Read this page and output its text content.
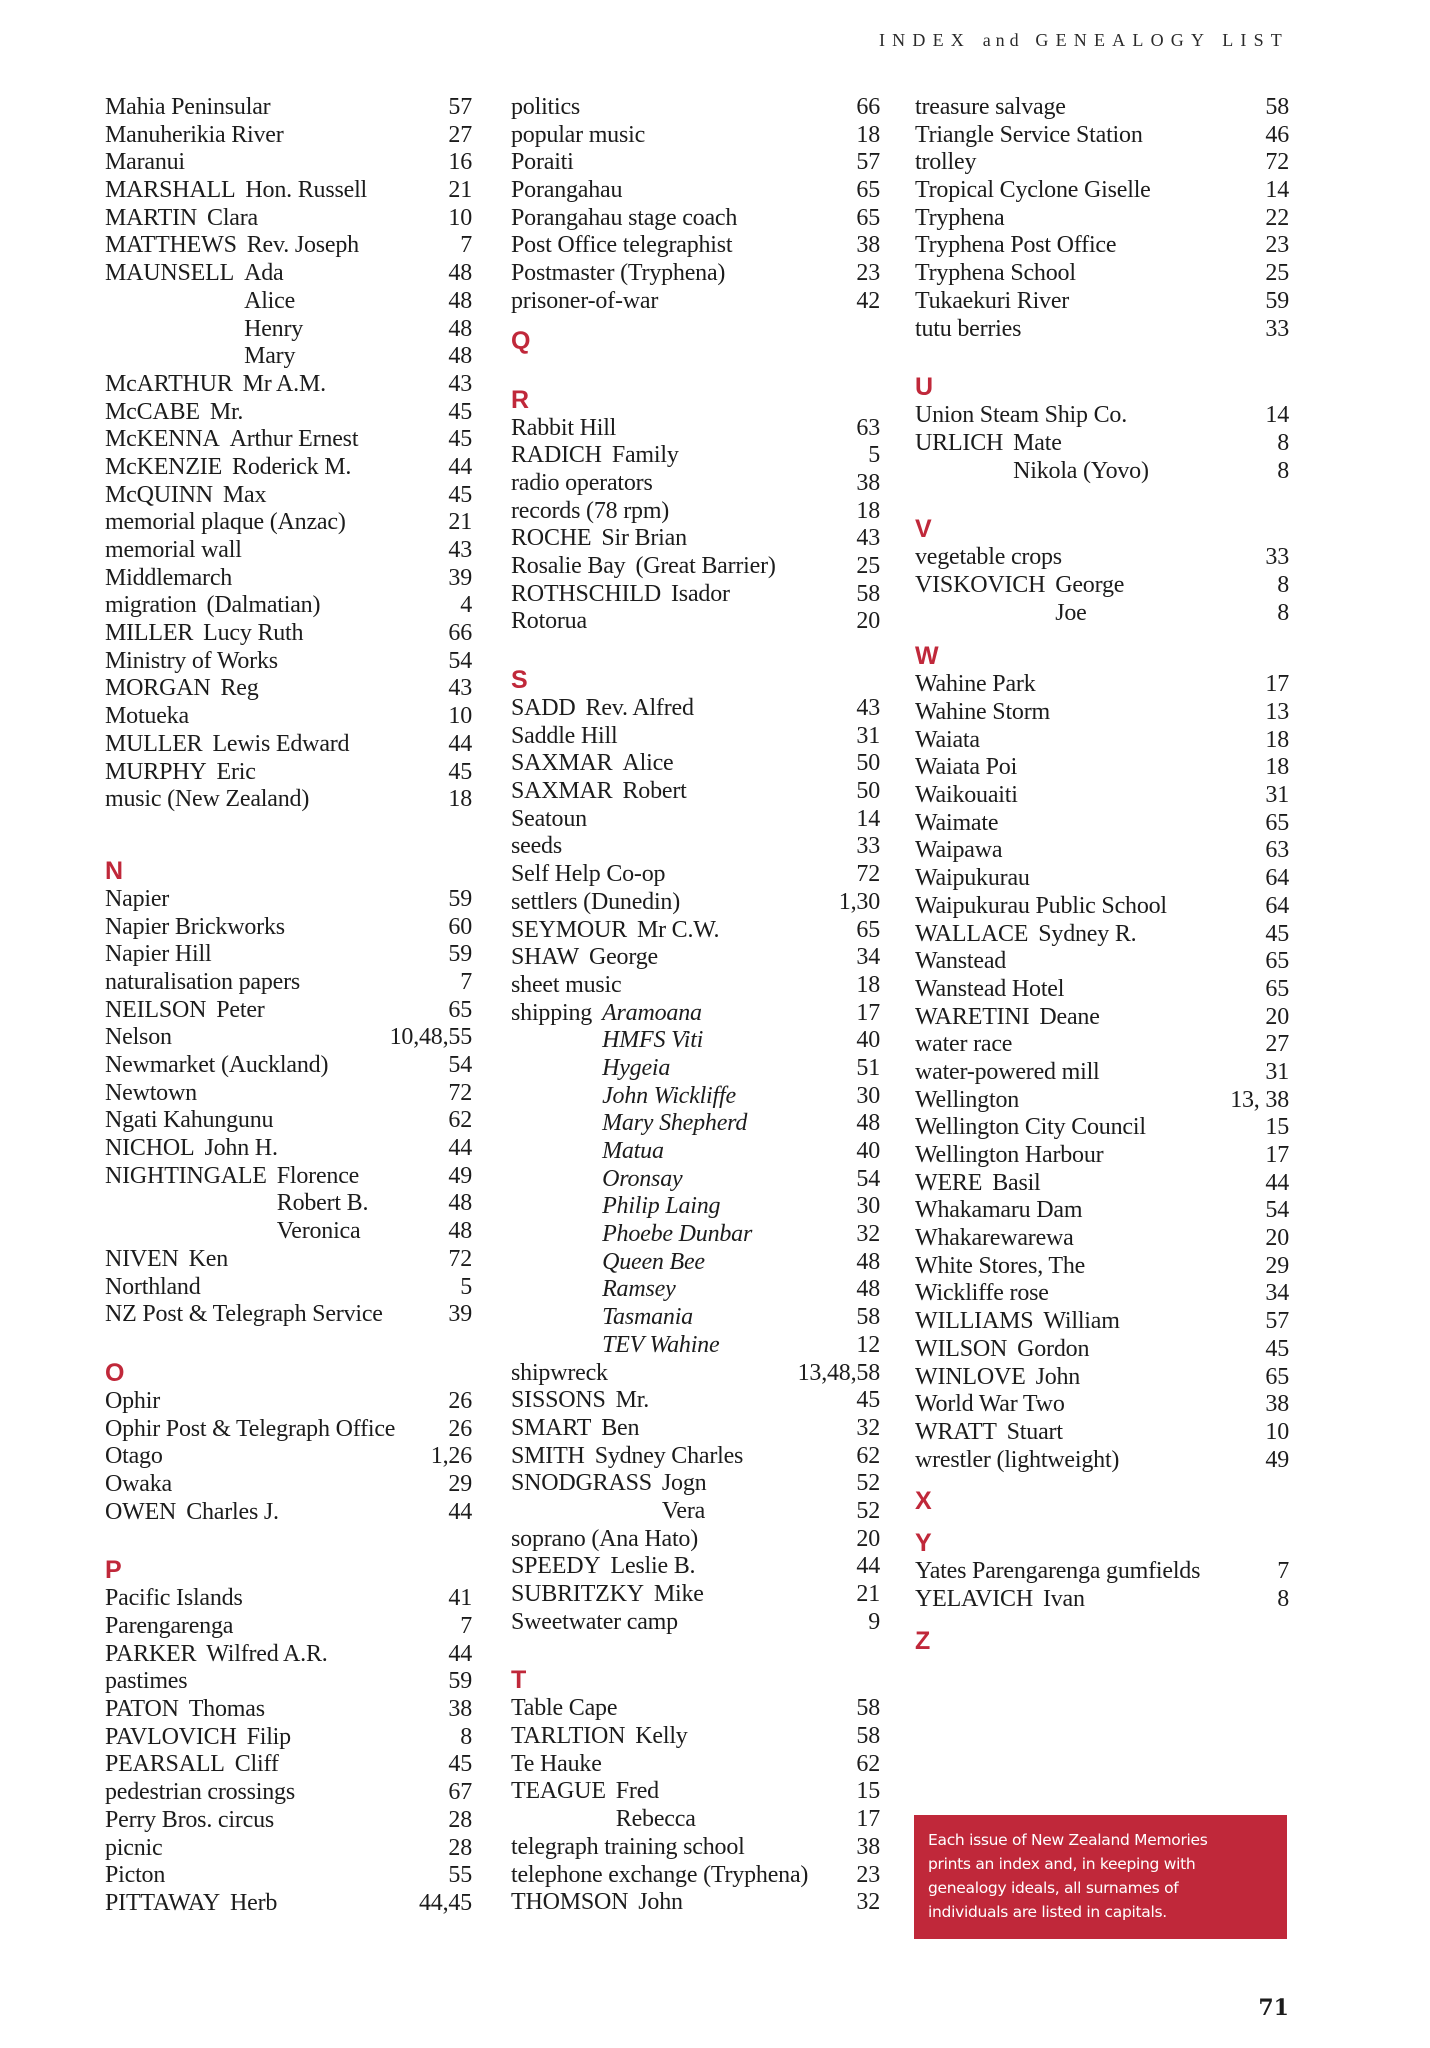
INDEX and GENEALOGY LIST
Mahia Peninsular	57
Manuherikia River	27
Maranui	16
MARSHALL Hon. Russell	21
MARTIN Clara	10
MATTHEWS Rev. Joseph	7
MAUNSELL Ada	48
Alice	48
Henry	48
Mary	48
McARTHUR Mr A.M.	43
McCABE Mr.	45
McKENNA Arthur Ernest	45
McKENZIE Roderick M.	44
McQUINN Max	45
memorial plaque (Anzac)	21
memorial wall	43
Middlemarch	39
migration (Dalmatian)	4
MILLER Lucy Ruth	66
Ministry of Works	54
MORGAN Reg	43
Motueka	10
MULLER Lewis Edward	44
MURPHY Eric	45
music (New Zealand)	18
N
Napier	59
Napier Brickworks	60
Napier Hill	59
naturalisation papers	7
NEILSON Peter	65
Nelson	10,48,55
Newmarket (Auckland)	54
Newtown	72
Ngati Kahungunu	62
NICHOL John H.	44
NIGHTINGALE Florence	49
Robert B.	48
Veronica	48
NIVEN Ken	72
Northland	5
NZ Post & Telegraph Service	39
O
Ophir	26
Ophir Post & Telegraph Office 26
Otago	1,26
Owaka	29
OWEN Charles J.	44
P
Pacific Islands	41
Parengarenga	7
PARKER Wilfred A.R.	44
pastimes	59
PATON Thomas	38
PAVLOVICH Filip	8
PEARSALL Cliff	45
pedestrian crossings	67
Perry Bros. circus	28
picnic	28
Picton	55
PITTAWAY Herb	44,45
politics	66
popular music	18
Poraiti	57
Porangahau	65
Porangahau stage coach	65
Post Office telegraphist	38
Postmaster (Tryphena)	23
prisoner-of-war	42
Q
R
Rabbit Hill	63
RADICH Family	5
radio operators	38
records (78 rpm)	18
ROCHE Sir Brian	43
Rosalie Bay (Great Barrier)	25
ROTHSCHILD Isador	58
Rotorua	20
S
SADD Rev. Alfred	43
Saddle Hill	31
SAXMAR Alice	50
SAXMAR Robert	50
Seatoun	14
seeds	33
Self Help Co-op	72
settlers (Dunedin)	1,30
SEYMOUR Mr C.W.	65
SHAW George	34
sheet music	18
shipping Aramoana	17
HMFS Viti	40
Hygeia	51
John Wickliffe	30
Mary Shepherd	48
Matua	40
Oronsay	54
Philip Laing	30
Phoebe Dunbar	32
Queen Bee	48
Ramsey	48
Tasmania	58
TEV Wahine	12
shipwreck	13,48,58
SISSONS Mr.	45
SMART Ben	32
SMITH Sydney Charles	62
SNODGRASS Jogn	52
Vera	52
soprano (Ana Hato)	20
SPEEDY Leslie B.	44
SUBRITZKY Mike	21
Sweetwater camp	9
T
Table Cape	58
TARLTION Kelly	58
Te Hauke	62
TEAGUE Fred	15
Rebecca	17
telegraph training school	38
telephone exchange (Tryphena) 23
THOMSON John	32
treasure salvage	58
Triangle Service Station	46
trolley	72
Tropical Cyclone Giselle	14
Tryphena	22
Tryphena Post Office	23
Tryphena School	25
Tukaekuri River	59
tutu berries	33
U
Union Steam Ship Co.	14
URLICH Mate	8
Nikola (Yovo)	8
V
vegetable crops	33
VISKOVICH George	8
Joe	8
W
Wahine Park	17
Wahine Storm	13
Waiata	18
Waiata Poi	18
Waikouaiti	31
Waimate	65
Waipawa	63
Waipukurau	64
Waipukurau Public School	64
WALLACE Sydney R.	45
Wanstead	65
Wanstead Hotel	65
WARETINI Deane	20
water race	27
water-powered mill	31
Wellington	13, 38
Wellington City Council	15
Wellington Harbour	17
WERE Basil	44
Whakamaru Dam	54
Whakarewarewa	20
White Stores, The	29
Wickliffe rose	34
WILLIAMS William	57
WILSON Gordon	45
WINLOVE John	65
World War Two	38
WRATT Stuart	10
wrestler (lightweight)	49
X
Y
Yates Parengarenga gumfields	7
YELAVICH Ivan	8
Z

Each issue of New Zealand Memories

prints an index and, in keeping with

genealogy ideals, all surnames of

individuals are listed in capitals.

71
